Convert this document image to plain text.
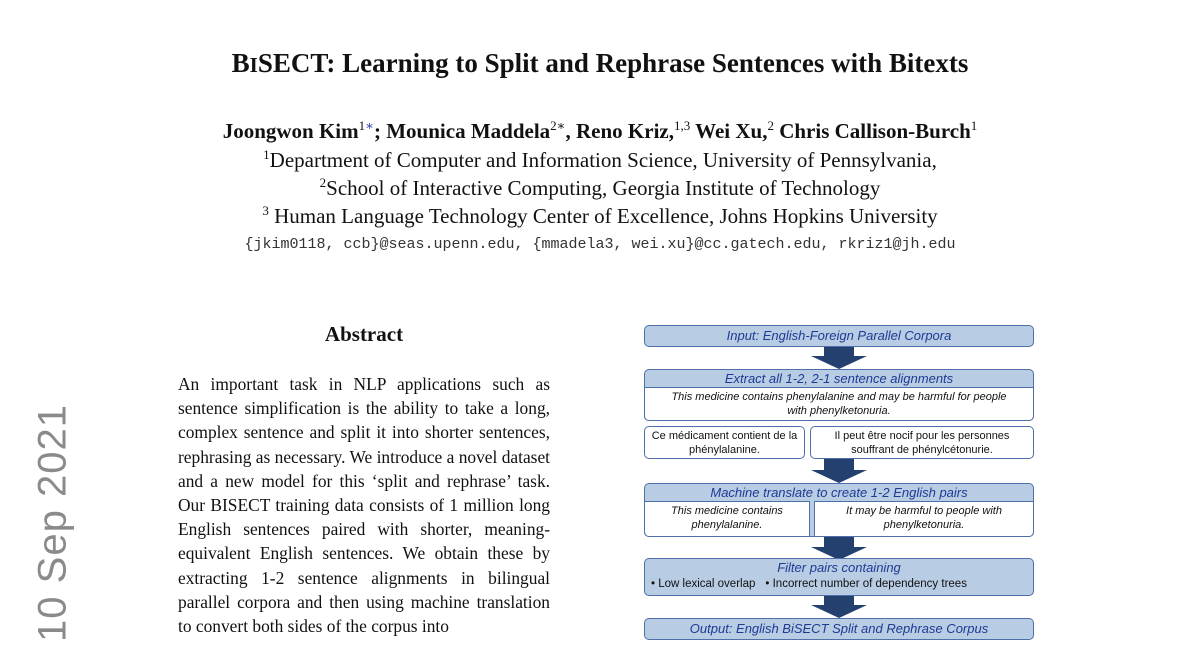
10 Sep 2021
BISECT: Learning to Split and Rephrase Sentences with Bitexts
Joongwon Kim$^{1∗}$; Mounica Maddela$^{2∗}$, Reno Kriz,$^{1,3}$ Wei Xu,$^2$ Chris Callison-Burch$^1$
$^1$Department of Computer and Information Science, University of Pennsylvania,
$^2$School of Interactive Computing, Georgia Institute of Technology
$^3$ Human Language Technology Center of Excellence, Johns Hopkins University
{jkim0118, ccb}@seas.upenn.edu, {mmadela3, wei.xu}@cc.gatech.edu, rkriz1@jh.edu
Abstract
An important task in NLP applications such as sentence simplification is the ability to take a long, complex sentence and split it into shorter sentences, rephrasing as necessary. We introduce a novel dataset and a new model for this ‘split and rephrase’ task. Our BISECT training data consists of 1 million long English sentences paired with shorter, meaning-equivalent English sentences. We obtain these by extracting 1-2 sentence alignments in bilingual parallel corpora and then using machine translation to convert both sides of the corpus into
Input: English-Foreign Parallel Corpora
Extract all 1-2, 2-1 sentence alignments
This medicine contains phenylalanine and may be harmful for people with phenylketonuria.
Ce médicament contient de la phénylalanine.
Il peut être nocif pour les personnes souffrant de phénylcétonurie.
Machine translate to create 1-2 English pairs
This medicine contains phenylalanine.
It may be harmful to people with phenylketonuria.
Filter pairs containing
• Low lexical overlap • Incorrect number of dependency trees
Output: English BiSECT Split and Rephrase Corpus
